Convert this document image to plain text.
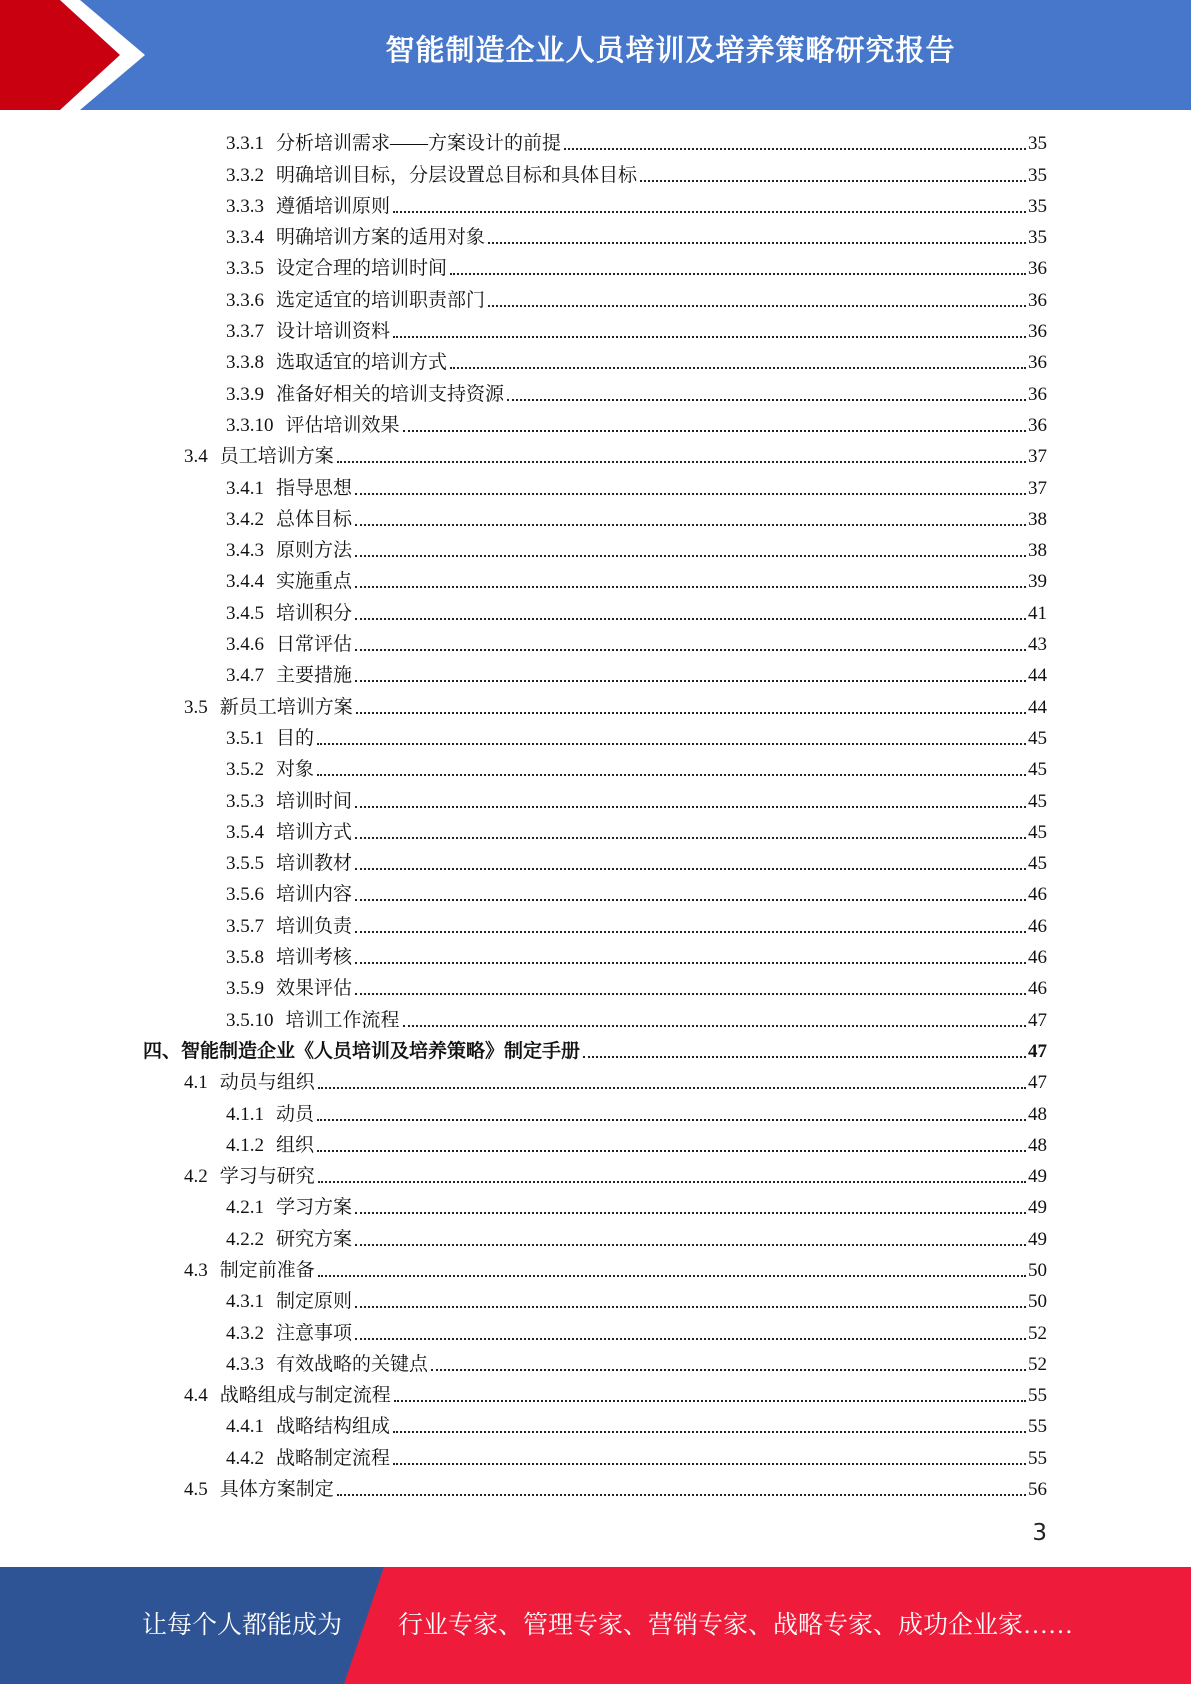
智能制造企业人员培训及培养策略研究报告
3.3.1 分析培训需求——方案设计的前提	35
3.3.2 明确培训目标，分层设置总目标和具体目标	35
3.3.3 遵循培训原则	35
3.3.4 明确培训方案的适用对象	35
3.3.5 设定合理的培训时间	36
3.3.6 选定适宜的培训职责部门	36
3.3.7 设计培训资料	36
3.3.8 选取适宜的培训方式	36
3.3.9 准备好相关的培训支持资源	36
3.3.10 评估培训效果	36
3.4 员工培训方案	37
3.4.1 指导思想	37
3.4.2 总体目标	38
3.4.3 原则方法	38
3.4.4 实施重点	39
3.4.5 培训积分	41
3.4.6 日常评估	43
3.4.7 主要措施	44
3.5 新员工培训方案	44
3.5.1 目的	45
3.5.2 对象	45
3.5.3 培训时间	45
3.5.4 培训方式	45
3.5.5 培训教材	45
3.5.6 培训内容	46
3.5.7 培训负责	46
3.5.8 培训考核	46
3.5.9 效果评估	46
3.5.10 培训工作流程	47
四、智能制造企业《人员培训及培养策略》制定手册	47
4.1 动员与组织	47
4.1.1 动员	48
4.1.2 组织	48
4.2 学习与研究	49
4.2.1 学习方案	49
4.2.2 研究方案	49
4.3 制定前准备	50
4.3.1 制定原则	50
4.3.2 注意事项	52
4.3.3 有效战略的关键点	52
4.4 战略组成与制定流程	55
4.4.1 战略结构组成	55
4.4.2 战略制定流程	55
4.5 具体方案制定	56
3
让每个人都能成为 行业专家、管理专家、营销专家、战略专家、成功企业家……
